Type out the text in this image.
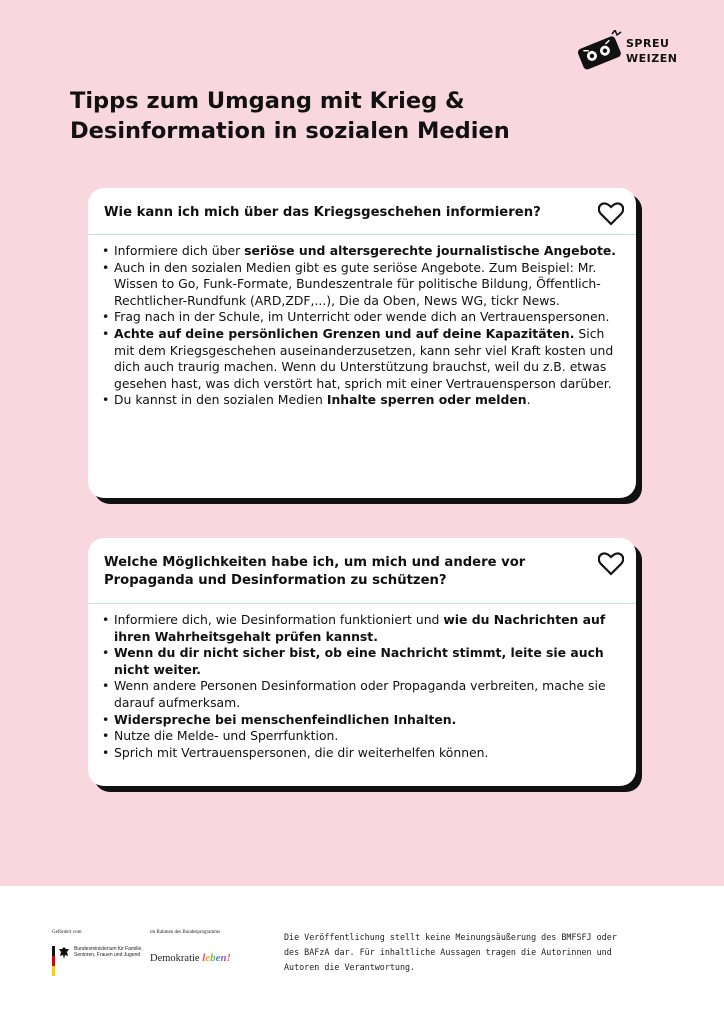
SPREU
WEIZEN
Tipps zum Umgang mit Krieg &
Desinformation in sozialen Medien
Wie kann ich mich über das Kriegsgeschehen informieren?
• Informiere dich über seriöse und altersgerechte journalistische Angebote.
• Auch in den sozialen Medien gibt es gute seriöse Angebote. Zum Beispiel: Mr. Wissen to Go, Funk-Formate, Bundeszentrale für politische Bildung, Öffentlich-Rechtlicher-Rundfunk (ARD,ZDF,...), Die da Oben, News WG, tickr News.
• Frag nach in der Schule, im Unterricht oder wende dich an Vertrauenspersonen.
• Achte auf deine persönlichen Grenzen und auf deine Kapazitäten. Sich mit dem Kriegsgeschehen auseinanderzusetzen, kann sehr viel Kraft kosten und dich auch traurig machen. Wenn du Unterstützung brauchst, weil du z.B. etwas gesehen hast, was dich verstört hat, sprich mit einer Vertrauensperson darüber.
• Du kannst in den sozialen Medien Inhalte sperren oder melden.
Welche Möglichkeiten habe ich, um mich und andere vor Propaganda und Desinformation zu schützen?
• Informiere dich, wie Desinformation funktioniert und wie du Nachrichten auf ihren Wahrheitsgehalt prüfen kannst.
• Wenn du dir nicht sicher bist, ob eine Nachricht stimmt, leite sie auch nicht weiter.
• Wenn andere Personen Desinformation oder Propaganda verbreiten, mache sie darauf aufmerksam.
• Widerspreche bei menschenfeindlichen Inhalten.
• Nutze die Melde- und Sperrfunktion.
• Sprich mit Vertrauenspersonen, die dir weiterhelfen können.
Gefördert vom
Bundesministerium für Familie, Senioren, Frauen und Jugend
im Rahmen des Bundesprogramms
Demokratie leben!

Die Veröffentlichung stellt keine Meinungsäußerung des BMFSFJ oder des BAFzA dar. Für inhaltliche Aussagen tragen die Autorinnen und Autoren die Verantwortung.
